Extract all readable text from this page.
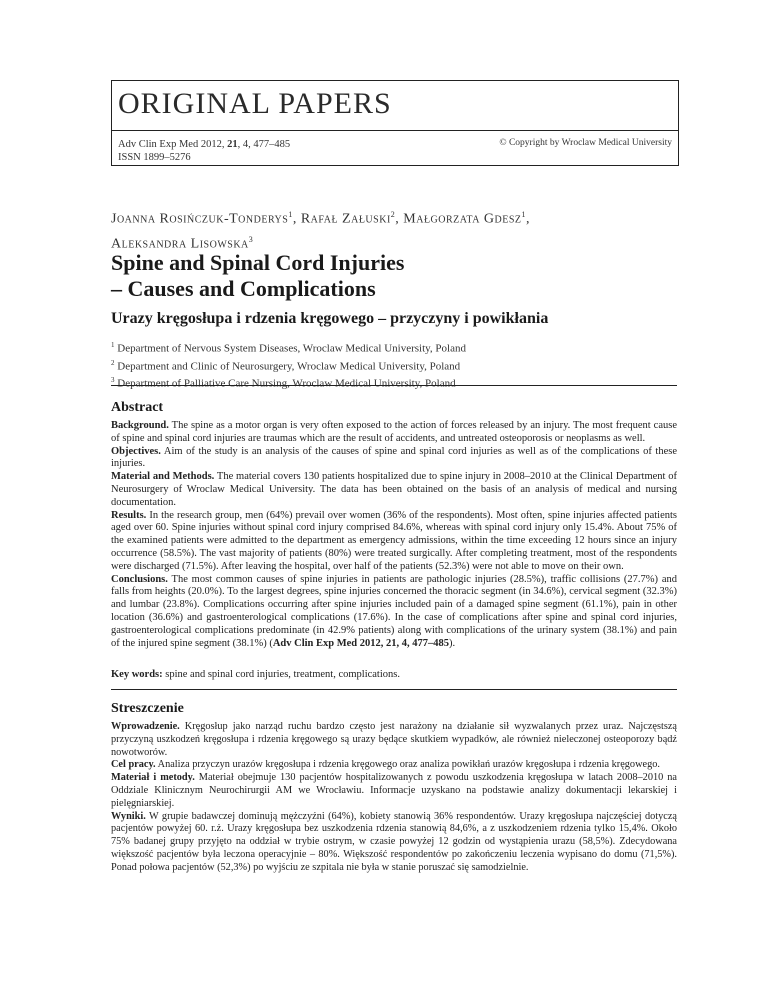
ORIGINAL PAPERS
Adv Clin Exp Med 2012, 21, 4, 477–485
ISSN 1899–5276
© Copyright by Wroclaw Medical University
Joanna Rosińczuk-Tonderys$^1$, Rafał Załuski$^2$, Małgorzata Gdesz$^1$,
Aleksandra Lisowska$^3$
Spine and Spinal Cord Injuries
– Causes and Complications
Urazy kręgosłupa i rdzenia kręgowego – przyczyny i powikłania
$^1$ Department of Nervous System Diseases, Wroclaw Medical University, Poland
$^2$ Department and Clinic of Neurosurgery, Wroclaw Medical University, Poland
$^3$ Department of Palliative Care Nursing, Wroclaw Medical University, Poland
Abstract

Background. The spine as a motor organ is very often exposed to the action of forces released by an injury. The most frequent cause of spine and spinal cord injuries are traumas which are the result of accidents, and untreated osteoporosis or neoplasms as well.

Objectives. Aim of the study is an analysis of the causes of spine and spinal cord injuries as well as of the complications of these injuries.

Material and Methods. The material covers 130 patients hospitalized due to spine injury in 2008–2010 at the Clinical Department of Neurosurgery of Wroclaw Medical University. The data has been obtained on the basis of an analysis of medical and nursing documentation.

Results. In the research group, men (64%) prevail over women (36% of the respondents). Most often, spine injuries affected patients aged over 60. Spine injuries without spinal cord injury comprised 84.6%, whereas with spinal cord injury only 15.4%. About 75% of the examined patients were admitted to the department as emergency admissions, within the time exceeding 12 hours since an injury occurrence (58.5%). The vast majority of patients (80%) were treated surgically. After completing treatment, most of the respondents were discharged (71.5%). After leaving the hospital, over half of the patients (52.3%) were not able to move on their own.

Conclusions. The most common causes of spine injuries in patients are pathologic injuries (28.5%), traffic collisions (27.7%) and falls from heights (20.0%). To the largest degrees, spine injuries concerned the thoracic segment (in 34.6%), cervical segment (32.3%) and lumbar (23.8%). Complications occurring after spine injuries included pain of a damaged spine segment (61.1%), pain in other location (36.6%) and gastroenterological complications (17.6%). In the case of complications after spine and spinal cord injuries, gastroenterological complications predominate (in 42.9% patients) along with complications of the urinary system (38.1%) and pain of the injured spine segment (38.1%) (Adv Clin Exp Med 2012, 21, 4, 477–485).

Key words: spine and spinal cord injuries, treatment, complications.
Streszczenie

Wprowadzenie. Kręgosłup jako narząd ruchu bardzo często jest narażony na działanie sił wyzwalanych przez uraz. Najczęstszą przyczyną uszkodzeń kręgosłupa i rdzenia kręgowego są urazy będące skutkiem wypadków, ale również nieleczonej osteoporozy bądź nowotworów.

Cel pracy. Analiza przyczyn urazów kręgosłupa i rdzenia kręgowego oraz analiza powikłań urazów kręgosłupa i rdzenia kręgowego.

Materiał i metody. Materiał obejmuje 130 pacjentów hospitalizowanych z powodu uszkodzenia kręgosłupa w latach 2008–2010 na Oddziale Klinicznym Neurochirurgii AM we Wrocławiu. Informacje uzyskano na podstawie analizy dokumentacji lekarskiej i pielęgniarskiej.

Wyniki. W grupie badawczej dominują mężczyźni (64%), kobiety stanowią 36% respondentów. Urazy kręgosłupa najczęściej dotyczą pacjentów powyżej 60. r.ż. Urazy kręgosłupa bez uszkodzenia rdzenia stanowią 84,6%, a z uszkodzeniem rdzenia tylko 15,4%. Około 75% badanej grupy przyjęto na oddział w trybie ostrym, w czasie powyżej 12 godzin od wystąpienia urazu (58,5%). Zdecydowana większość pacjentów była leczona operacyjnie – 80%. Większość respondentów po zakończeniu leczenia wypisano do domu (71,5%). Ponad połowa pacjentów (52,3%) po wyjściu ze szpitala nie była w stanie poruszać się samodzielnie.
